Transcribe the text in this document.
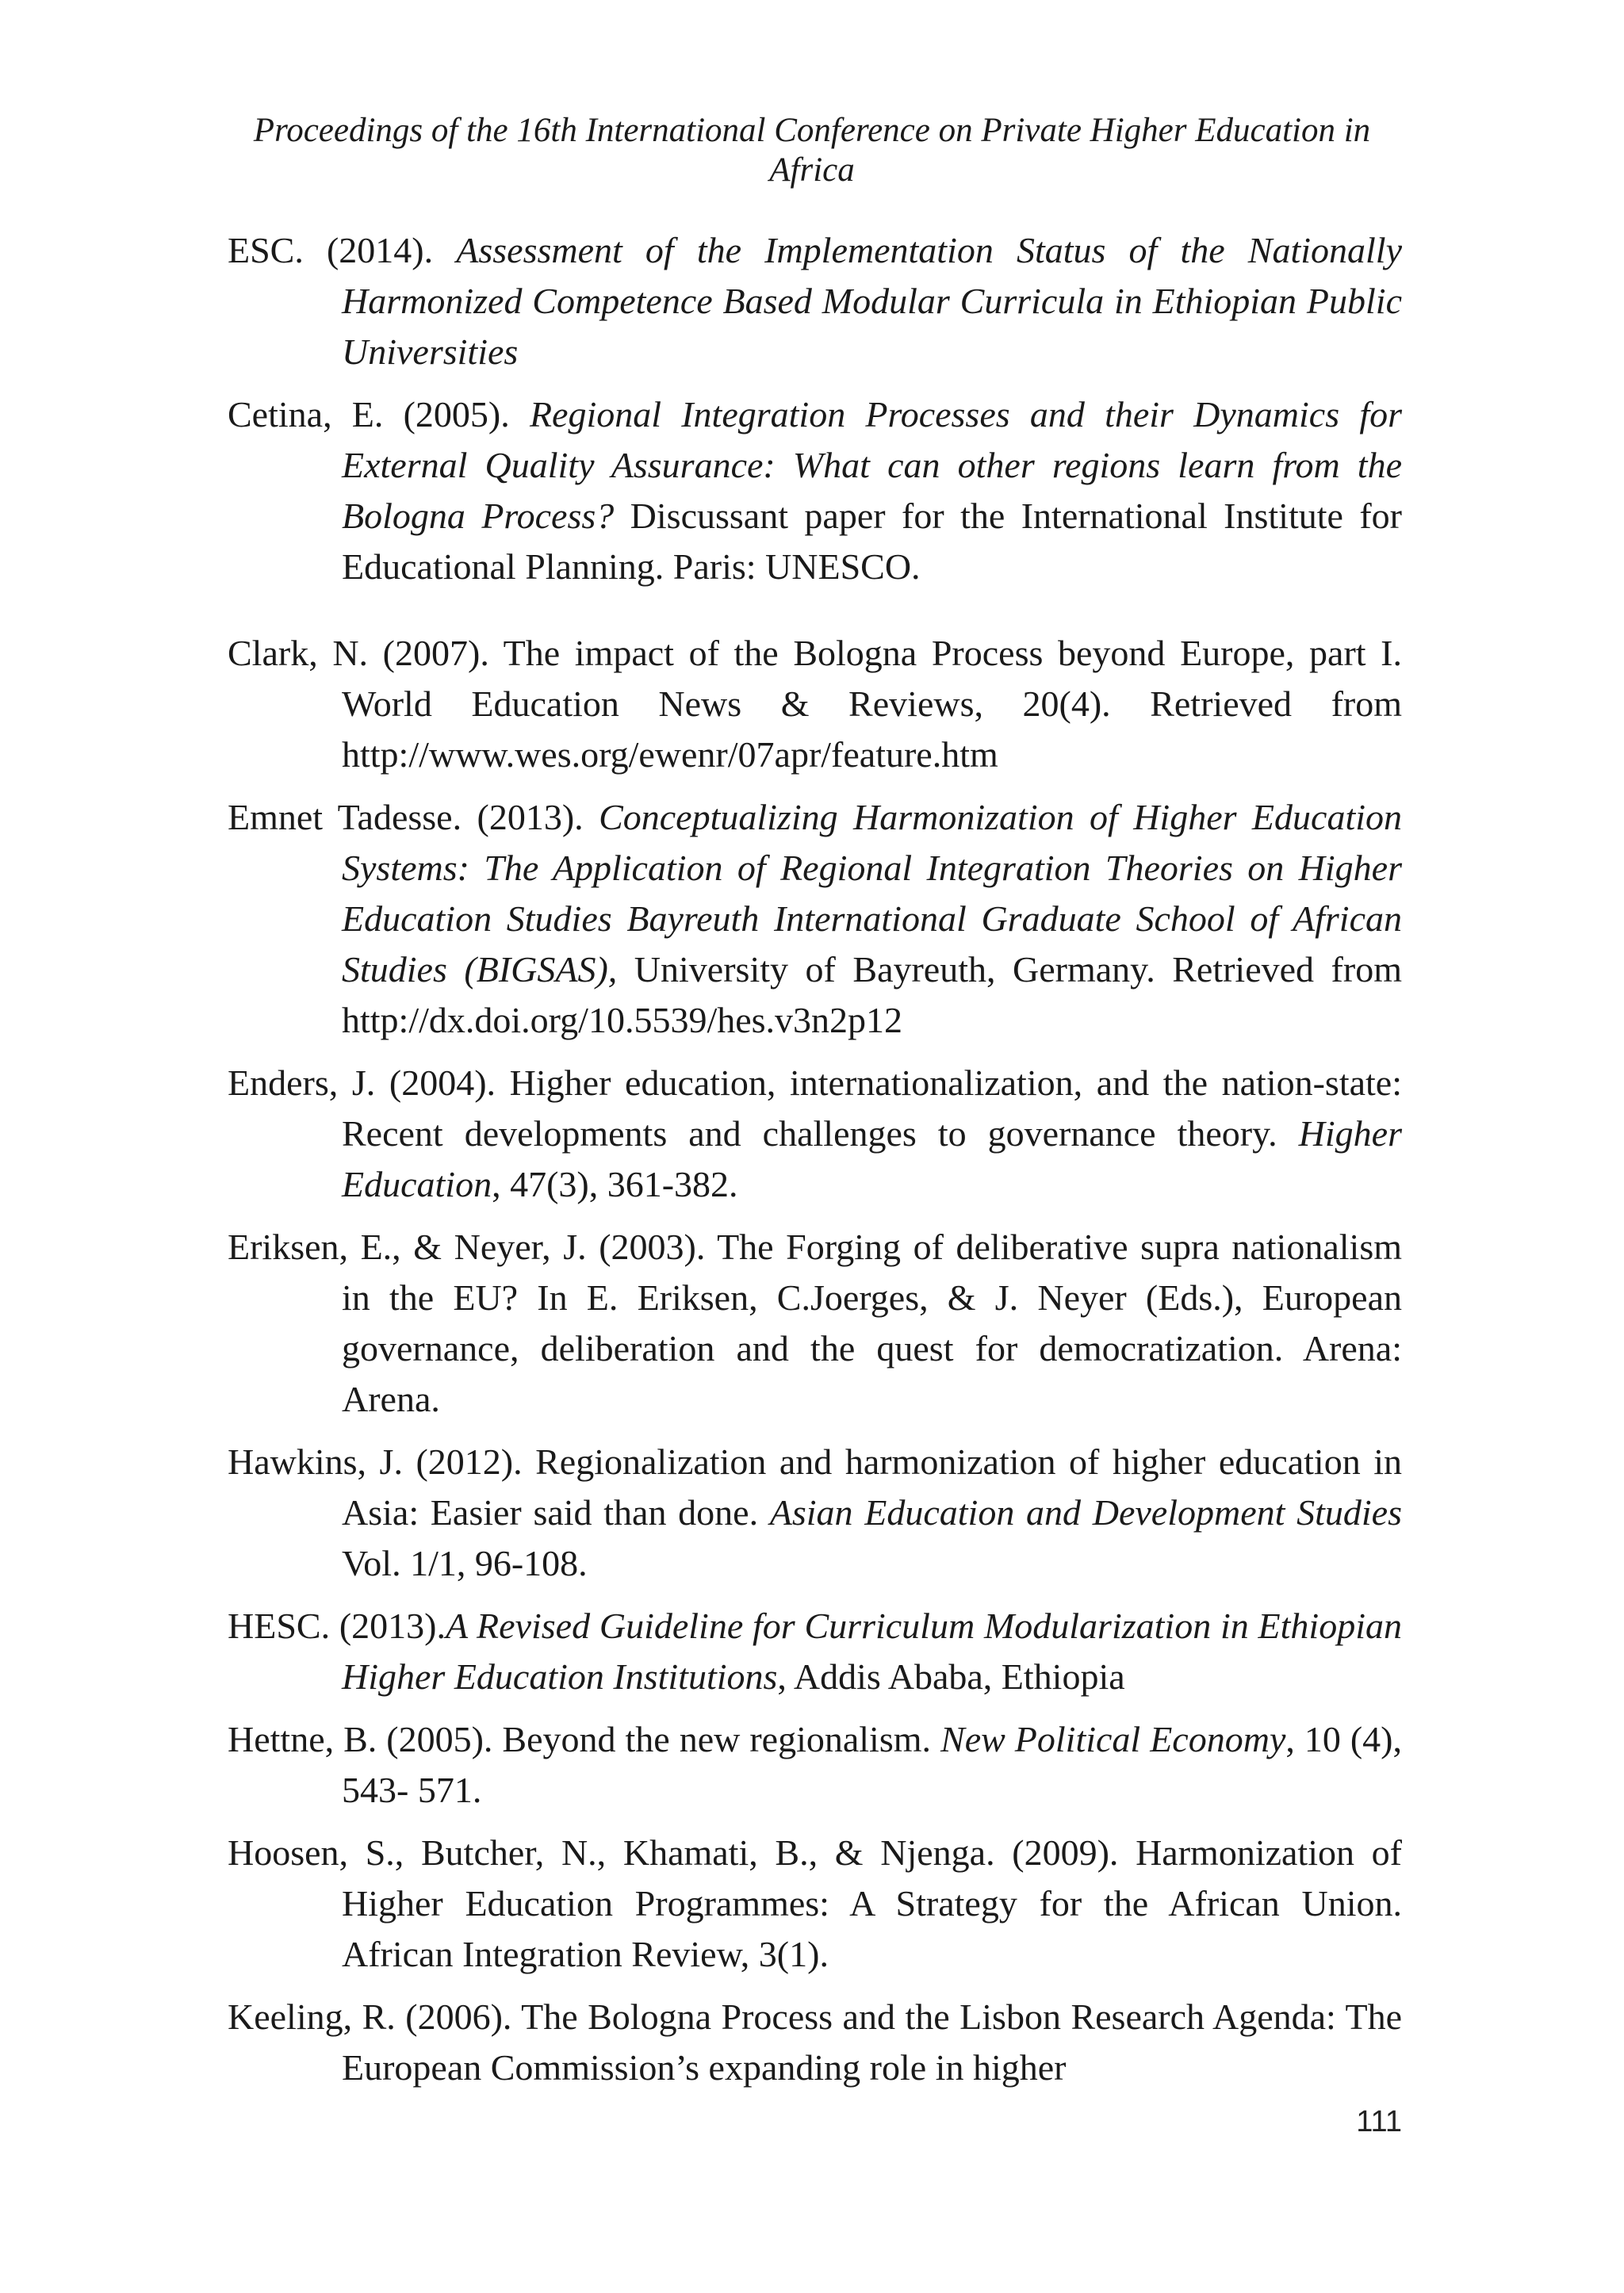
Proceedings of the 16th International Conference on Private Higher Education in
Africa

ESC. (2014). Assessment of the Implementation Status of the Nationally Harmonized Competence Based Modular Curricula in Ethiopian Public Universities

Cetina, E. (2005). Regional Integration Processes and their Dynamics for External Quality Assurance: What can other regions learn from the Bologna Process? Discussant paper for the International Institute for Educational Planning. Paris: UNESCO.

Clark, N. (2007). The impact of the Bologna Process beyond Europe, part I. World Education News & Reviews, 20(4). Retrieved from http://www.wes.org/ewenr/07apr/feature.htm

Emnet Tadesse. (2013). Conceptualizing Harmonization of Higher Education Systems: The Application of Regional Integration Theories on Higher Education Studies Bayreuth International Graduate School of African Studies (BIGSAS), University of Bayreuth, Germany. Retrieved from http://dx.doi.org/10.5539/hes.v3n2p12

Enders, J. (2004). Higher education, internationalization, and the nation-state: Recent developments and challenges to governance theory. Higher Education, 47(3), 361-382.

Eriksen, E., & Neyer, J. (2003). The Forging of deliberative supra nationalism in the EU? In E. Eriksen, C.Joerges, & J. Neyer (Eds.), European governance, deliberation and the quest for democratization. Arena: Arena.

Hawkins, J. (2012). Regionalization and harmonization of higher education in Asia: Easier said than done. Asian Education and Development Studies Vol. 1/1, 96-108.

HESC. (2013).A Revised Guideline for Curriculum Modularization in Ethiopian Higher Education Institutions, Addis Ababa, Ethiopia

Hettne, B. (2005). Beyond the new regionalism. New Political Economy, 10 (4), 543- 571.

Hoosen, S., Butcher, N., Khamati, B., & Njenga. (2009). Harmonization of Higher Education Programmes: A Strategy for the African Union. African Integration Review, 3(1).

Keeling, R. (2006). The Bologna Process and the Lisbon Research Agenda: The European Commission’s expanding role in higher

111
